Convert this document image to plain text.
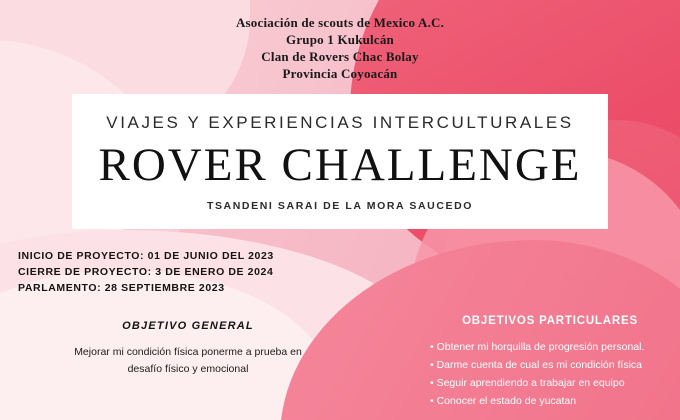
Asociación de scouts de Mexico A.C.
Grupo 1 Kukulcán
Clan de Rovers Chac Bolay
Provincia Coyoacán
VIAJES Y EXPERIENCIAS INTERCULTURALES
ROVER CHALLENGE
TSANDENI SARAI DE LA MORA SAUCEDO
INICIO DE PROYECTO: 01 DE JUNIO DEL 2023
CIERRE DE PROYECTO: 3 DE ENERO DE 2024
PARLAMENTO: 28 SEPTIEMBRE 2023
OBJETIVO GENERAL
Mejorar mi condición física ponerme a prueba en
desafío físico y emocional
OBJETIVOS PARTICULARES
• Obtener mi horquilla de progresión personal.
• Darme cuenta de cual es mi condición física
• Seguir aprendiendo a trabajar en equipo
• Conocer el estado de yucatan
